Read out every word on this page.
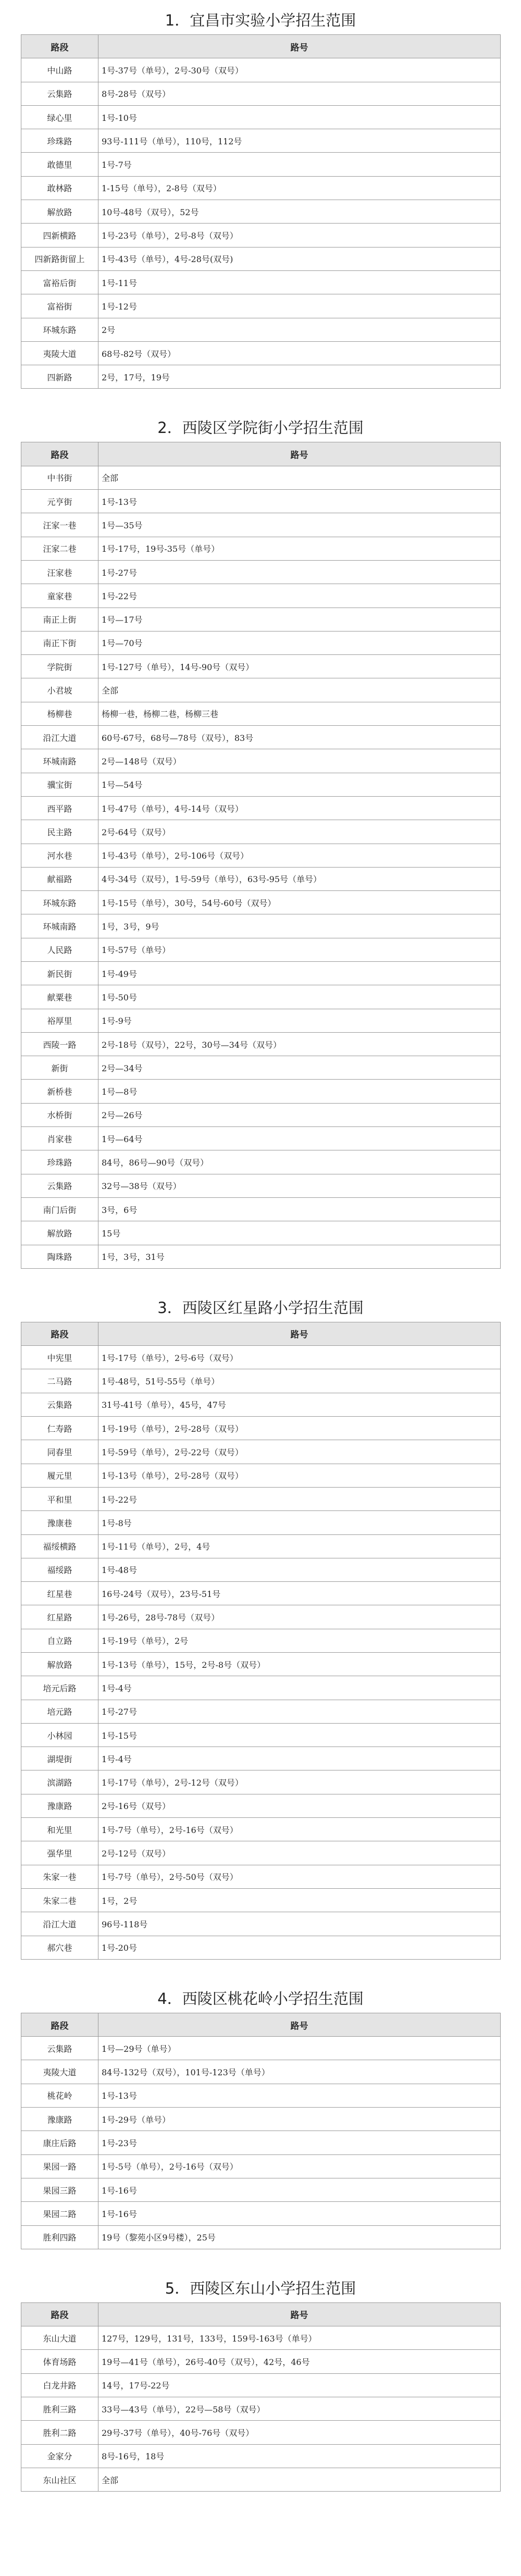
1．宜昌市实验小学招生范围
路段	路号
中山路	1号-37号（单号），2号-30号（双号）
云集路	8号-28号（双号）
绿心里	1号-10号
珍珠路	93号-111号（单号），110号，112号
敢德里	1号-7号
敢林路	1-15号（单号），2-8号（双号）
解放路	10号-48号（双号），52号
四新横路	1号-23号（单号），2号-8号（双号）
四新路街留上	1号-43号（单号），4号-28号(双号)
富裕后街	1号-11号
富裕街	1号-12号
环城东路	2号
夷陵大道	68号-82号（双号）
四新路	2号，17号，19号
2．西陵区学院街小学招生范围
路段	路号
中书街	全部
元亨街	1号-13号
汪家一巷	1号—35号
汪家二巷	1号-17号，19号-35号（单号）
汪家巷	1号-27号
童家巷	1号-22号
南正上街	1号—17号
南正下街	1号—70号
学院街	1号-127号（单号），14号-90号（双号）
小君坡	全部
杨柳巷	杨柳一巷，杨柳二巷，杨柳三巷
沿江大道	60号-67号，68号—78号（双号），83号
环城南路	2号—148号（双号）
骥宝街	1号—54号
西平路	1号-47号（单号），4号-14号（双号）
民主路	2号-64号（双号）
河水巷	1号-43号（单号），2号-106号（双号）
献福路	4号-34号（双号），1号-59号（单号），63号-95号（单号）
环城东路	1号-15号（单号），30号，54号-60号（双号）
环城南路	1号，3号，9号
人民路	1号-57号（单号）
新民街	1号-49号
献粟巷	1号-50号
裕厚里	1号-9号
西陵一路	2号-18号（双号），22号，30号—34号（双号）
新街	2号—34号
新桥巷	1号—8号
水桥街	2号—26号
肖家巷	1号—64号
珍珠路	84号，86号—90号（双号）
云集路	32号—38号（双号）
南门后街	3号，6号
解放路	15号
陶珠路	1号，3号，31号
3．西陵区红星路小学招生范围
路段	路号
中宪里	1号-17号（单号），2号-6号（双号）
二马路	1号-48号，51号-55号（单号）
云集路	31号-41号（单号），45号，47号
仁寿路	1号-19号（单号），2号-28号（双号）
同春里	1号-59号（单号），2号-22号（双号）
履元里	1号-13号（单号），2号-28号（双号）
平和里	1号-22号
豫康巷	1号-8号
福绥横路	1号-11号（单号），2号，4号
福绥路	1号-48号
红星巷	16号-24号（双号），23号-51号
红星路	1号-26号，28号-78号（双号）
自立路	1号-19号（单号），2号
解放路	1号-13号（单号），15号，2号-8号（双号）
培元后路	1号-4号
培元路	1号-27号
小林园	1号-15号
湖堤街	1号-4号
滨湖路	1号-17号（单号），2号-12号（双号）
豫康路	2号-16号（双号）
和光里	1号-7号（单号），2号-16号（双号）
强华里	2号-12号（双号）
朱家一巷	1号-7号（单号），2号-50号（双号）
朱家二巷	1号，2号
沿江大道	96号-118号
郝穴巷	1号-20号
4．西陵区桃花岭小学招生范围
路段	路号
云集路	1号—29号（单号）
夷陵大道	84号-132号（双号），101号-123号（单号）
桃花岭	1号-13号
豫康路	1号-29号（单号）
康庄后路	1号-23号
果园一路	1号-5号（单号），2号-16号（双号）
果园三路	1号-16号
果园二路	1号-16号
胜利四路	19号（黎苑小区9号楼），25号
5．西陵区东山小学招生范围
路段	路号
东山大道	127号，129号，131号，133号，159号-163号（单号）
体育场路	19号—41号（单号），26号-40号（双号），42号，46号
白龙井路	14号，17号-22号
胜利三路	33号—43号（单号），22号—58号（双号）
胜利二路	29号-37号（单号），40号-76号（双号）
金家分	8号-16号，18号
东山社区	全部
